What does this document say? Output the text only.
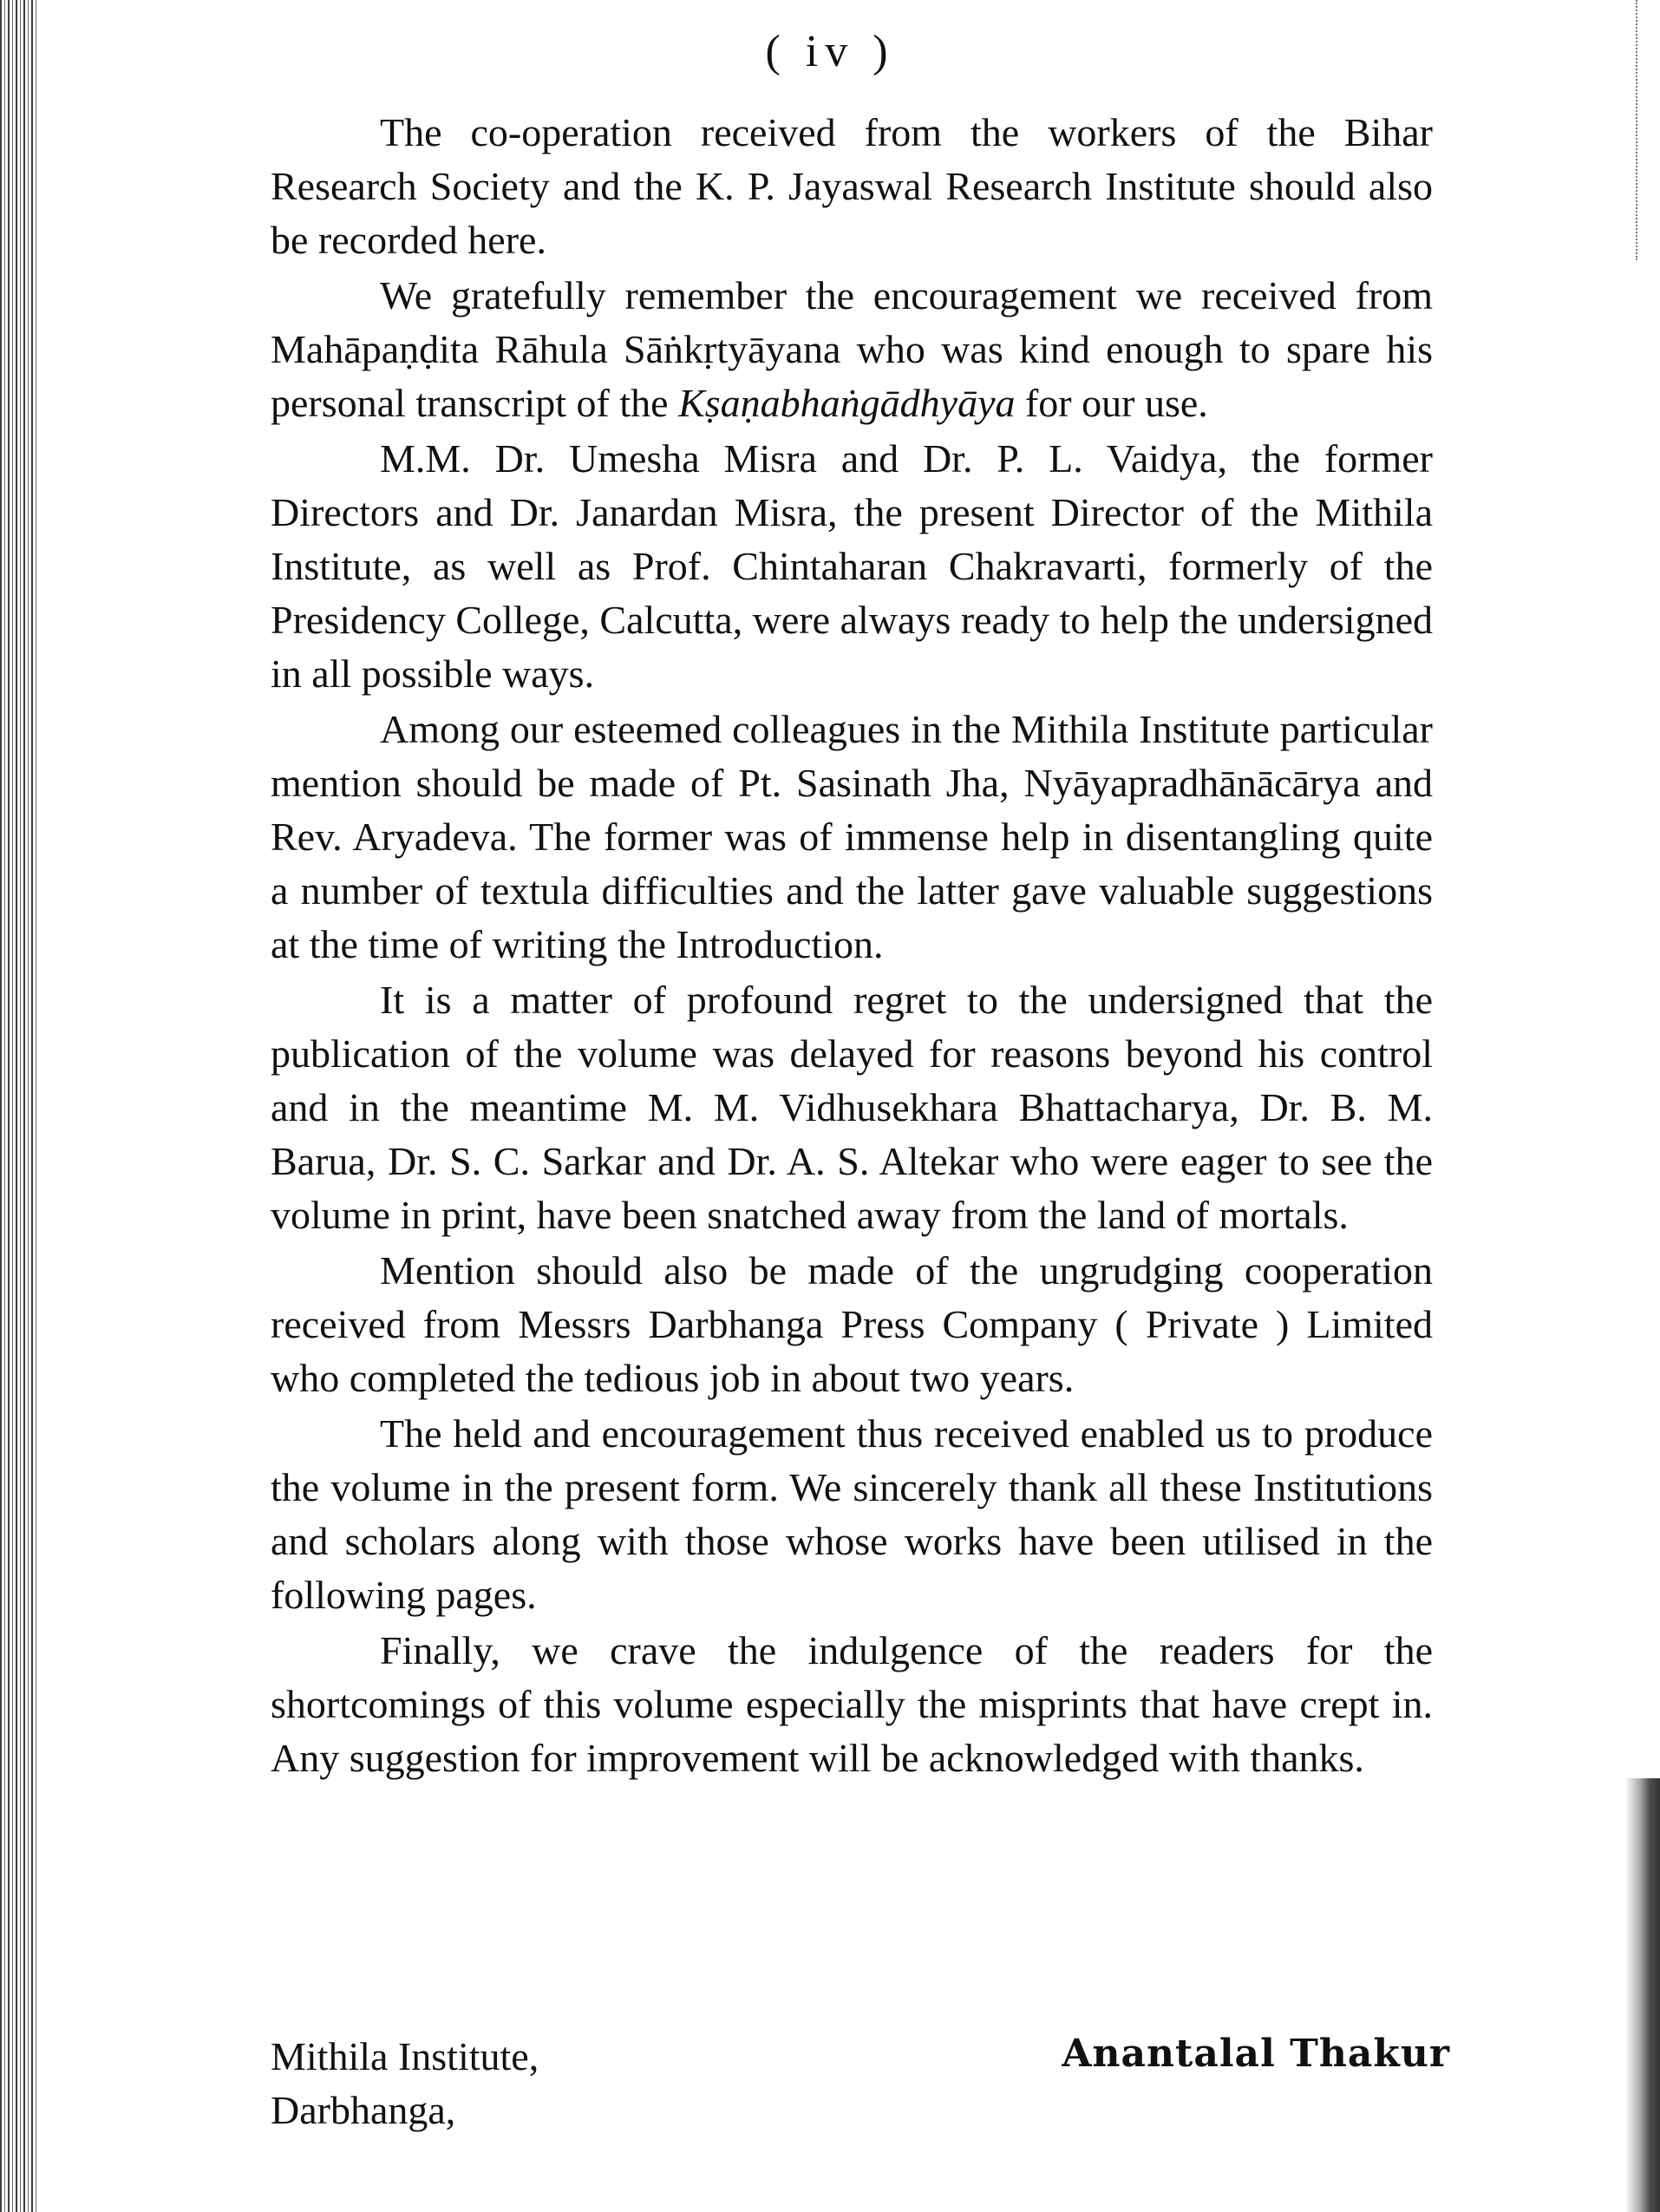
( iv )

The co-operation received from the workers of the Bihar Research Society and the K. P. Jayaswal Research Institute should also be recorded here.

We gratefully remember the encouragement we received from Mahāpaṇḍita Rāhula Sāṅkṛtyāyana who was kind enough to spare his personal transcript of the Kṣaṇabhaṅgādhyāya for our use.

M.M. Dr. Umesha Misra and Dr. P. L. Vaidya, the former Directors and Dr. Janardan Misra, the present Director of the Mithila Institute, as well as Prof. Chintaharan Chakravarti, formerly of the Presidency College, Calcutta, were always ready to help the undersigned in all possible ways.

Among our esteemed colleagues in the Mithila Institute particular mention should be made of Pt. Sasinath Jha, Nyāyapradhānācārya and Rev. Aryadeva. The former was of immense help in disentangling quite a number of textula difficulties and the latter gave valuable suggestions at the time of writing the Introduction.

It is a matter of profound regret to the undersigned that the publication of the volume was delayed for reasons beyond his control and in the meantime M. M. Vidhusekhara Bhattacharya, Dr. B. M. Barua, Dr. S. C. Sarkar and Dr. A. S. Altekar who were eager to see the volume in print, have been snatched away from the land of mortals.

Mention should also be made of the ungrudging cooperation received from Messrs Darbhanga Press Company ( Private ) Limited who completed the tedious job in about two years.

The held and encouragement thus received enabled us to produce the volume in the present form. We sincerely thank all these Institutions and scholars along with those whose works have been utilised in the following pages.

Finally, we crave the indulgence of the readers for the shortcomings of this volume especially the misprints that have crept in. Any suggestion for improvement will be acknowledged with thanks.

Mithila Institute,
Darbhanga,
Anantalal Thakur
